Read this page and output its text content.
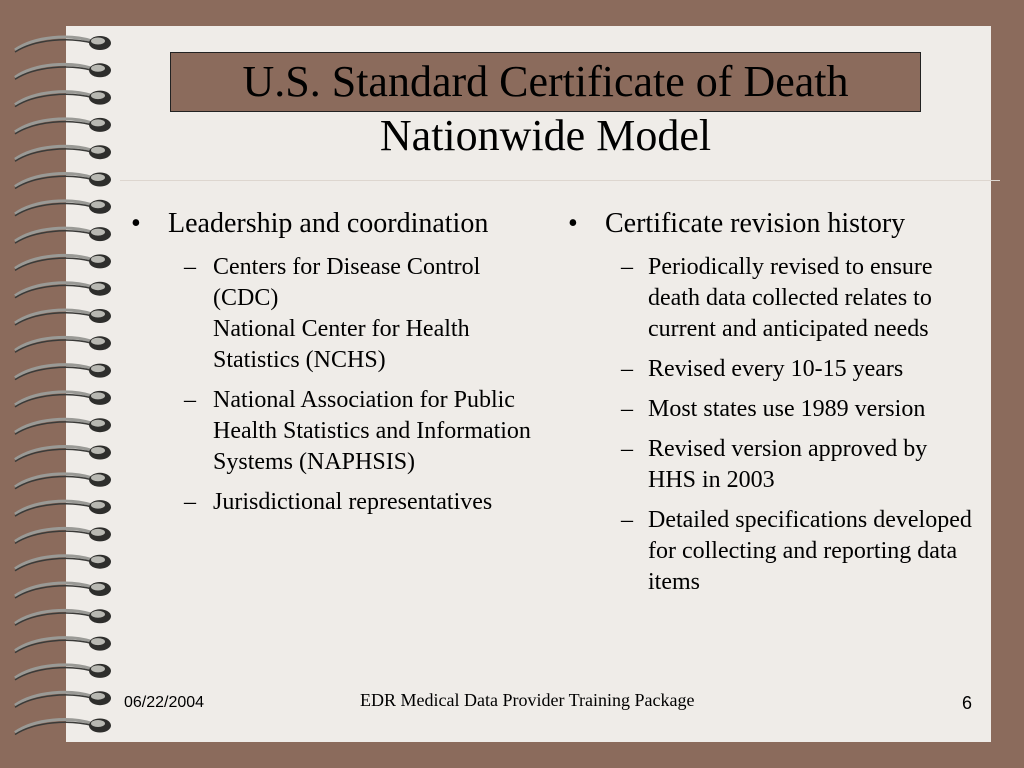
U.S. Standard Certificate of Death
Nationwide Model
• Leadership and coordination
– Centers for Disease Control (CDC)
National Center for Health Statistics (NCHS)
– National Association for Public Health Statistics and Information Systems (NAPHSIS)
– Jurisdictional representatives
• Certificate revision history
– Periodically revised to ensure death data collected relates to current and anticipated needs
– Revised every 10-15 years
– Most states use 1989 version
– Revised version approved by HHS in 2003
– Detailed specifications developed for collecting and reporting data items
06/22/2004	EDR Medical Data Provider Training Package	6
